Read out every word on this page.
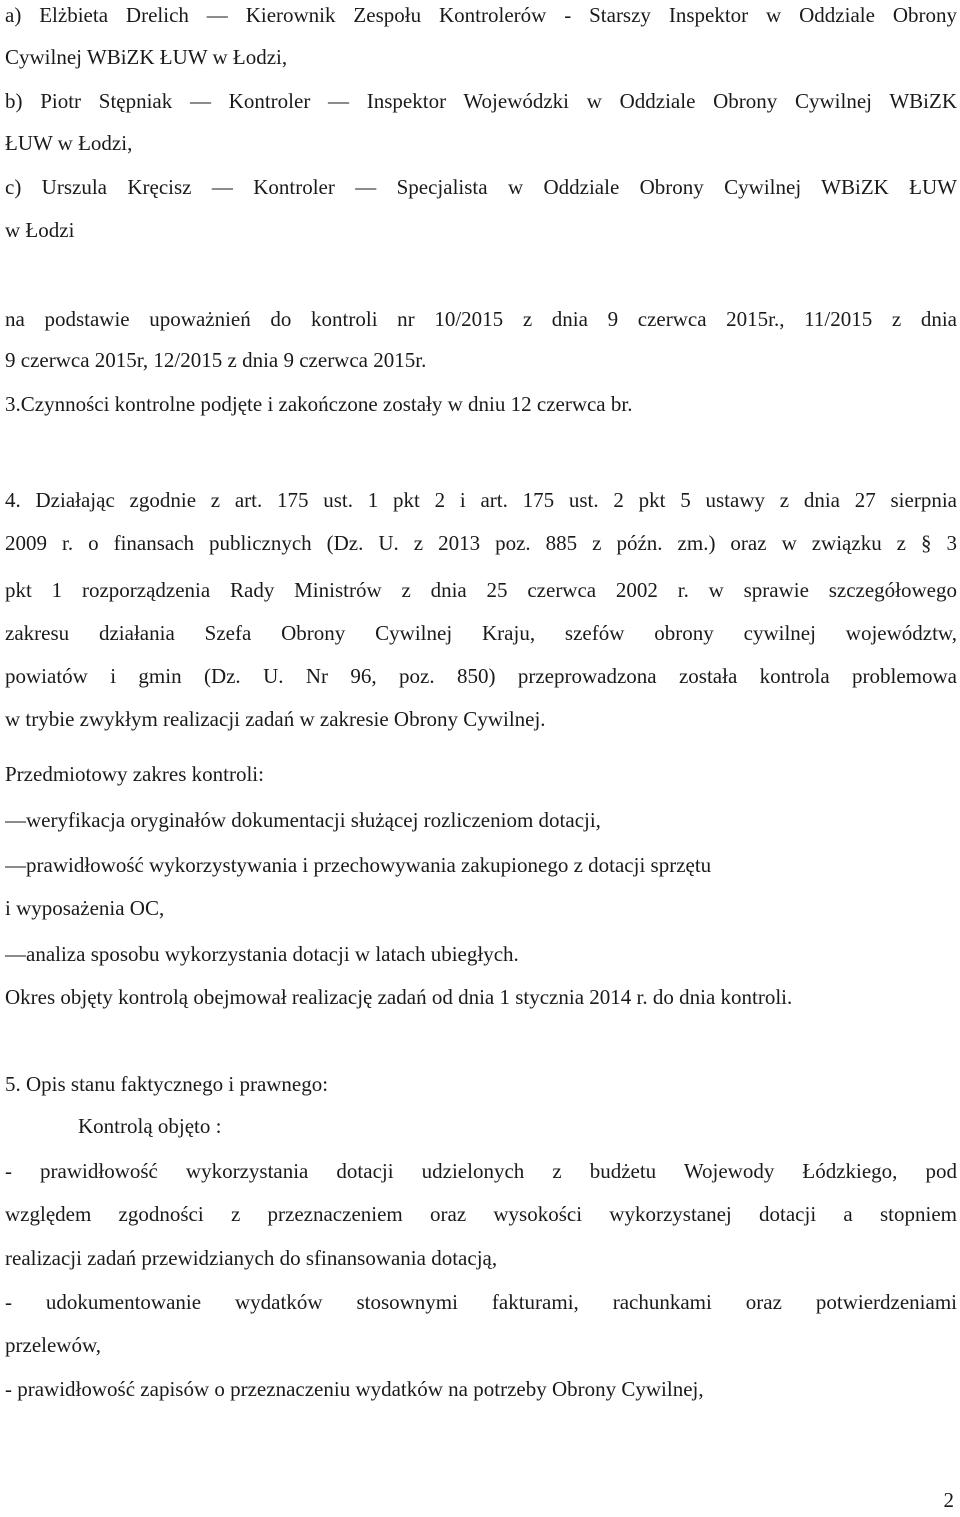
a) Elżbieta Drelich ― Kierownik Zespołu Kontrolerów - Starszy Inspektor w Oddziale Obrony
Cywilnej WBiZK ŁUW w Łodzi,
b) Piotr Stępniak ― Kontroler ― Inspektor Wojewódzki w Oddziale Obrony Cywilnej WBiZK
ŁUW w Łodzi,
c) Urszula Kręcisz ― Kontroler ― Specjalista w Oddziale Obrony Cywilnej WBiZK ŁUW
w Łodzi
na podstawie upoważnień do kontroli nr 10/2015 z dnia 9 czerwca 2015r., 11/2015 z dnia
9 czerwca 2015r, 12/2015 z dnia 9 czerwca 2015r.
3.Czynności kontrolne podjęte i zakończone zostały w dniu 12 czerwca br.
4. Działając zgodnie z art. 175 ust. 1 pkt 2 i art. 175 ust. 2 pkt 5 ustawy z dnia 27 sierpnia
2009 r. o finansach publicznych (Dz. U. z 2013 poz. 885 z późn. zm.) oraz w związku z § 3
pkt 1 rozporządzenia Rady Ministrów z dnia 25 czerwca 2002 r. w sprawie szczegółowego
zakresu działania Szefa Obrony Cywilnej Kraju, szefów obrony cywilnej województw,
powiatów i gmin (Dz. U. Nr 96, poz. 850) przeprowadzona została kontrola problemowa
w trybie zwykłym realizacji zadań w zakresie Obrony Cywilnej.
Przedmiotowy zakres kontroli:
―weryfikacja oryginałów dokumentacji służącej rozliczeniom dotacji,
―prawidłowość wykorzystywania i przechowywania zakupionego z dotacji sprzętu
i wyposażenia OC,
―analiza sposobu wykorzystania dotacji w latach ubiegłych.
Okres objęty kontrolą obejmował realizację zadań od dnia 1 stycznia 2014 r. do dnia kontroli.
5. Opis stanu faktycznego i prawnego:
Kontrolą objęto :
- prawidłowość wykorzystania dotacji udzielonych z budżetu Wojewody Łódzkiego, pod
względem zgodności z przeznaczeniem oraz wysokości wykorzystanej dotacji a stopniem
realizacji zadań przewidzianych do sfinansowania dotacją,
- udokumentowanie wydatków stosownymi fakturami, rachunkami oraz potwierdzeniami
przelewów,
- prawidłowość zapisów o przeznaczeniu wydatków na potrzeby Obrony Cywilnej,
2
